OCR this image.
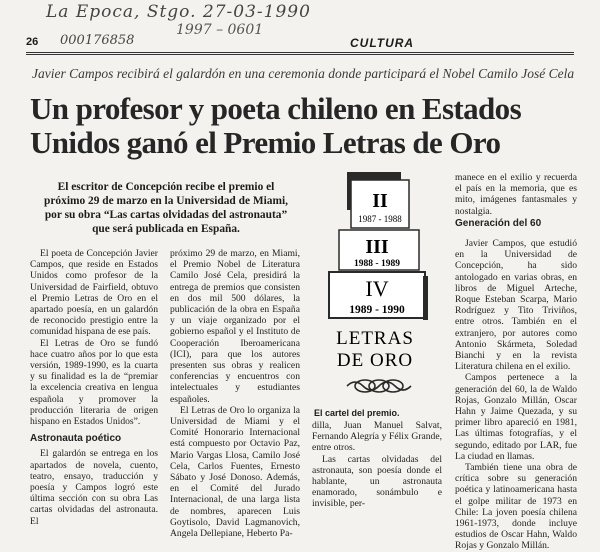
La Epoca, Stgo. 27-03-1990
1997 – 0601
26 000176858	CULTURA
Javier Campos recibirá el galardón en una ceremonia donde participará el Nobel Camilo José Cela
Un profesor y poeta chileno en Estados Unidos ganó el Premio Letras de Oro
El escritor de Concepción recibe el premio el próximo 29 de marzo en la Universidad de Miami, por su obra “Las cartas olvidadas del astronauta” que será publicada en España.

El poeta de Concepción Javier Campos, que reside en Estados Unidos como profesor de la Universidad de Fairfield, obtuvo el Premio Letras de Oro en el apartado poesía, en un galardón de reconocido prestigio entre la comunidad hispana de ese país.

El Letras de Oro se fundó hace cuatro años por lo que esta versión, 1989-1990, es la cuarta y su finalidad es la de “premiar la excelencia creativa en lengua española y promover la producción literaria de origen hispano en Estados Unidos”.

Astronauta poético

El galardón se entrega en los apartados de novela, cuento, teatro, ensayo, traducción y poesía y Campos logró este última sección con su obra Las cartas olvidadas del astronauta. El

próximo 29 de marzo, en Miami, el Premio Nobel de Literatura Camilo José Cela, presidirá la entrega de premios que consisten en dos mil 500 dólares, la publicación de la obra en España y un viaje organizado por el gobierno español y el Instituto de Cooperación Iberoamericana (ICI), para que los autores presenten sus obras y realicen conferencias y encuentros con intelectuales y estudiantes españoles.

El Letras de Oro lo organiza la Universidad de Miami y el Comité Honorario Internacional está compuesto por Octavio Paz, Mario Vargas Llosa, Camilo José Cela, Carlos Fuentes, Ernesto Sábato y José Donoso. Además, en el Comité del Jurado Internacional, de una larga lista de nombres, aparecen Luis Goytisolo, David Lagmanovich, Angela Dellepiane, Heberto Pa-

II
1987 - 1988
III
1988 - 1989
IV
1989 - 1990
LETRAS
DE ORO
El cartel del premio.

dilla, Juan Manuel Salvat, Fernando Alegría y Félix Grande, entre otros.

Las cartas olvidadas del astronauta, son poesía donde el hablante, un astronauta enamorado, sonámbulo e invisible, per-

manece en el exilio y recuerda el país en la memoria, que es mito, imágenes fantasmales y nostalgia.

Generación del 60

Javier Campos, que estudió en la Universidad de Concepción, ha sido antologado en varias obras, en libros de Miguel Arteche, Roque Esteban Scarpa, Mario Rodríguez y Tito Triviños, entre otros. También en el extranjero, por autores como Antonio Skármeta, Soledad Bianchi y en la revista Literatura chilena en el exilio.

Campos pertenece a la generación del 60, la de Waldo Rojas, Gonzalo Millán, Oscar Hahn y Jaime Quezada, y su primer libro apareció en 1981, Las últimas fotografías, y el segundo, editado por LAR, fue La ciudad en llamas.

También tiene una obra de crítica sobre su generación poética y latinoamericana hasta el golpe militar de 1973 en Chile: La joven poesía chilena 1961-1973, donde incluye estudios de Oscar Hahn, Waldo Rojas y Gonzalo Millán.
